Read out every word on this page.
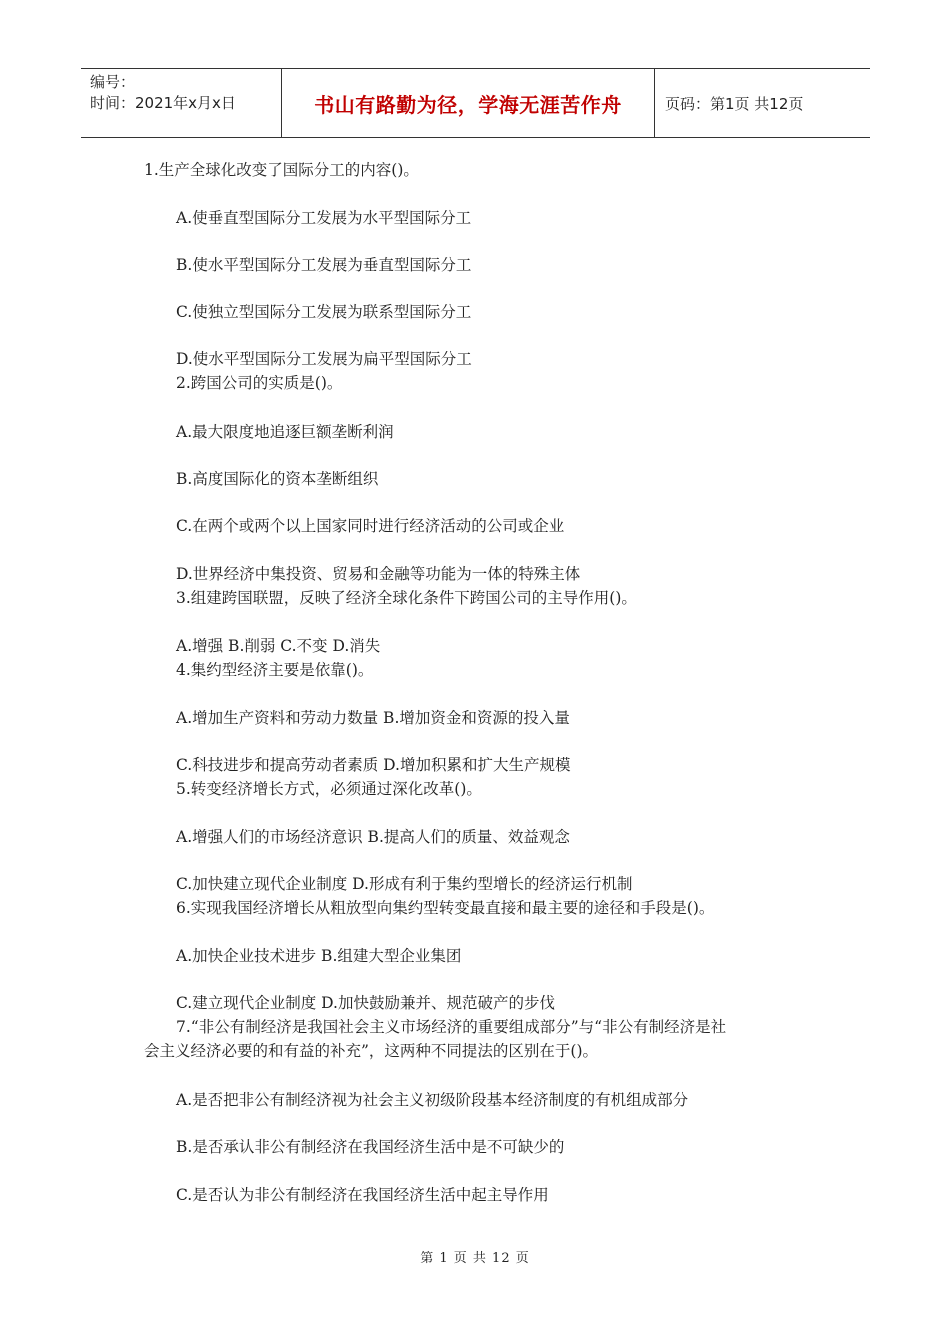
编号：
时间：2021年x月x日	书山有路勤为径，学海无涯苦作舟	页码：第1页 共12页
1.生产全球化改变了国际分工的内容()。
A.使垂直型国际分工发展为水平型国际分工
B.使水平型国际分工发展为垂直型国际分工
C.使独立型国际分工发展为联系型国际分工
D.使水平型国际分工发展为扁平型国际分工
2.跨国公司的实质是()。
A.最大限度地追逐巨额垄断利润
B.高度国际化的资本垄断组织
C.在两个或两个以上国家同时进行经济活动的公司或企业
D.世界经济中集投资、贸易和金融等功能为一体的特殊主体
3.组建跨国联盟，反映了经济全球化条件下跨国公司的主导作用()。
A.增强 B.削弱 C.不变 D.消失
4.集约型经济主要是依靠()。
A.增加生产资料和劳动力数量 B.增加资金和资源的投入量
C.科技进步和提高劳动者素质 D.增加积累和扩大生产规模
5.转变经济增长方式，必须通过深化改革()。
A.增强人们的市场经济意识 B.提高人们的质量、效益观念
C.加快建立现代企业制度 D.形成有利于集约型增长的经济运行机制
6.实现我国经济增长从粗放型向集约型转变最直接和最主要的途径和手段是()。
A.加快企业技术进步 B.组建大型企业集团
C.建立现代企业制度 D.加快鼓励兼并、规范破产的步伐
7.“非公有制经济是我国社会主义市场经济的重要组成部分”与“非公有制经济是社
会主义经济必要的和有益的补充”，这两种不同提法的区别在于()。
A.是否把非公有制经济视为社会主义初级阶段基本经济制度的有机组成部分
B.是否承认非公有制经济在我国经济生活中是不可缺少的
C.是否认为非公有制经济在我国经济生活中起主导作用
第 1 页 共 12 页
